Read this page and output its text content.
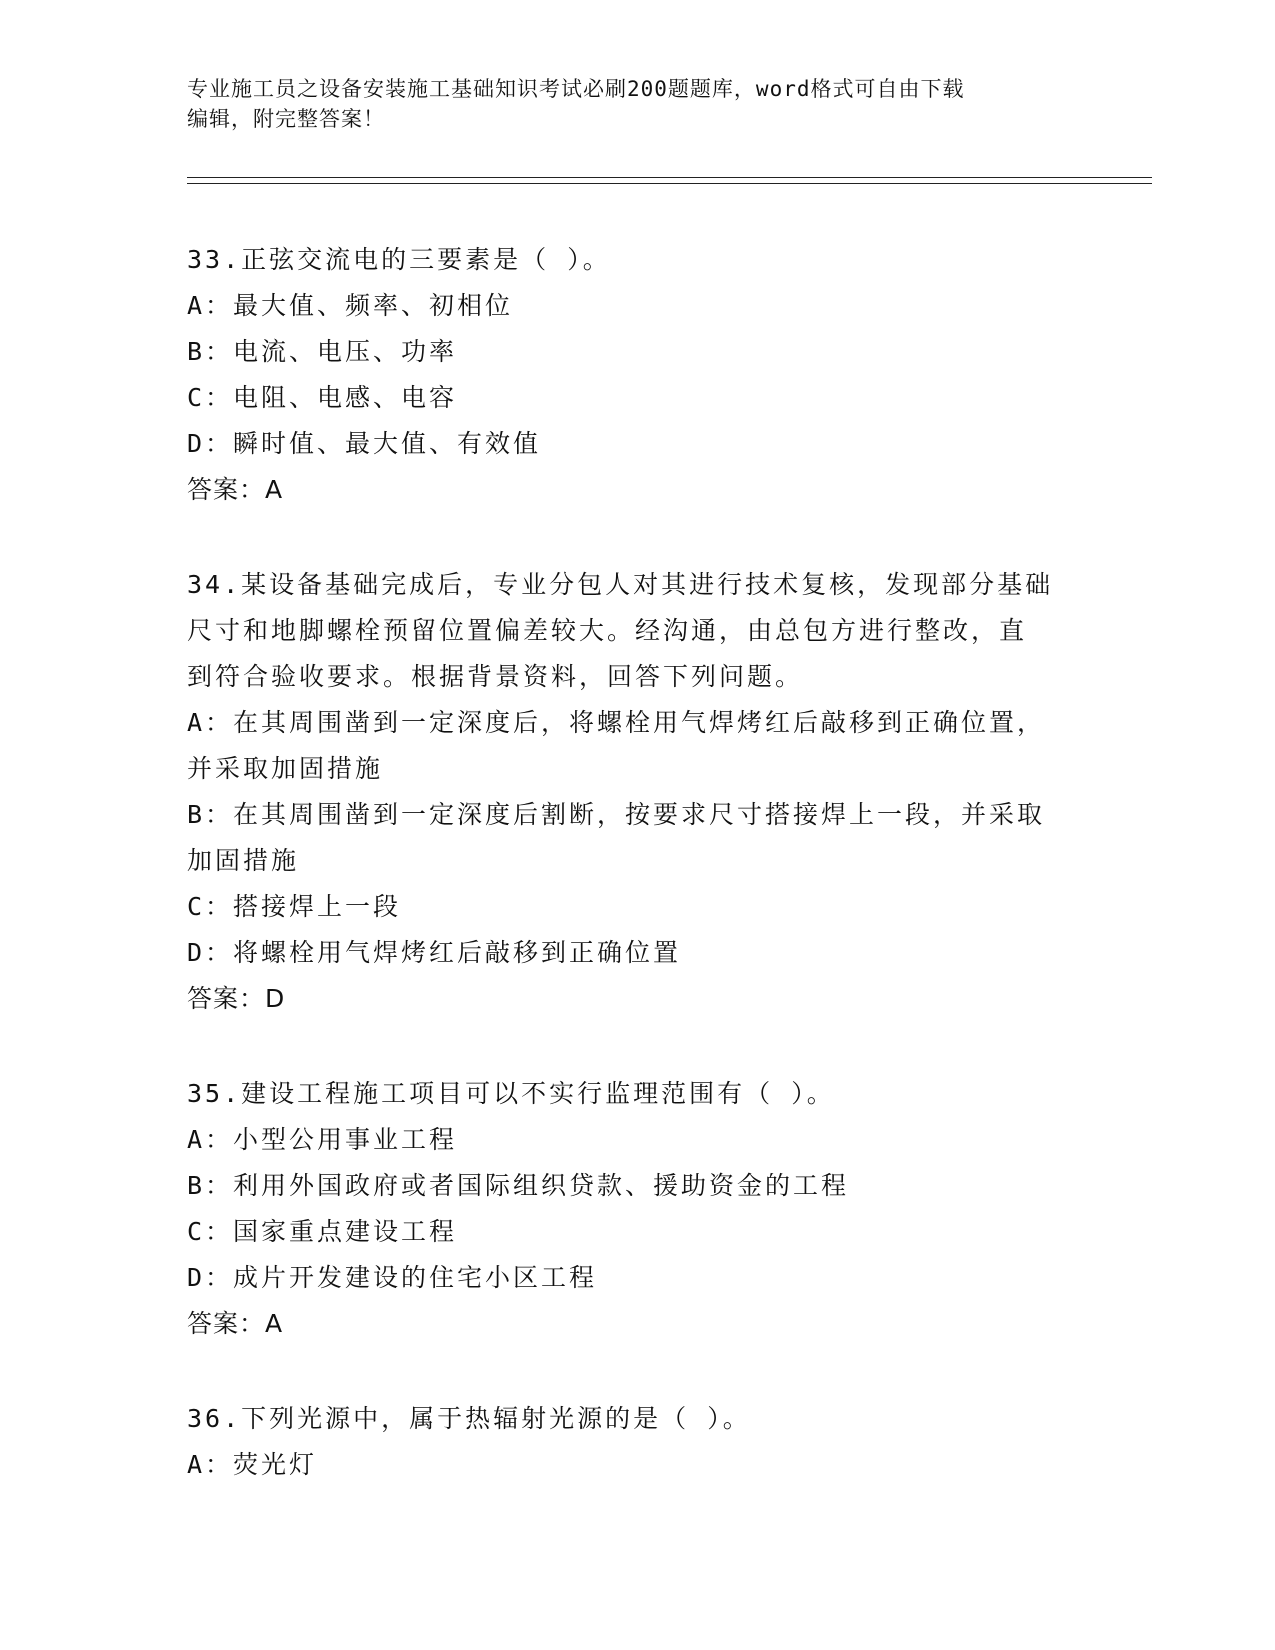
专业施工员之设备安装施工基础知识考试必刷200题题库，word格式可自由下载
编辑，附完整答案！
33.正弦交流电的三要素是（ ）。
A：最大值、频率、初相位
B：电流、电压、功率
C：电阻、电感、电容
D：瞬时值、最大值、有效值
答案：A
34.某设备基础完成后，专业分包人对其进行技术复核，发现部分基础
尺寸和地脚螺栓预留位置偏差较大。经沟通，由总包方进行整改，直
到符合验收要求。根据背景资料，回答下列问题。
A：在其周围凿到一定深度后，将螺栓用气焊烤红后敲移到正确位置，
并采取加固措施
B：在其周围凿到一定深度后割断，按要求尺寸搭接焊上一段，并采取
加固措施
C：搭接焊上一段
D：将螺栓用气焊烤红后敲移到正确位置
答案：D
35.建设工程施工项目可以不实行监理范围有（ ）。
A：小型公用事业工程
B：利用外国政府或者国际组织贷款、援助资金的工程
C：国家重点建设工程
D：成片开发建设的住宅小区工程
答案：A
36.下列光源中，属于热辐射光源的是（ ）。
A：荧光灯
